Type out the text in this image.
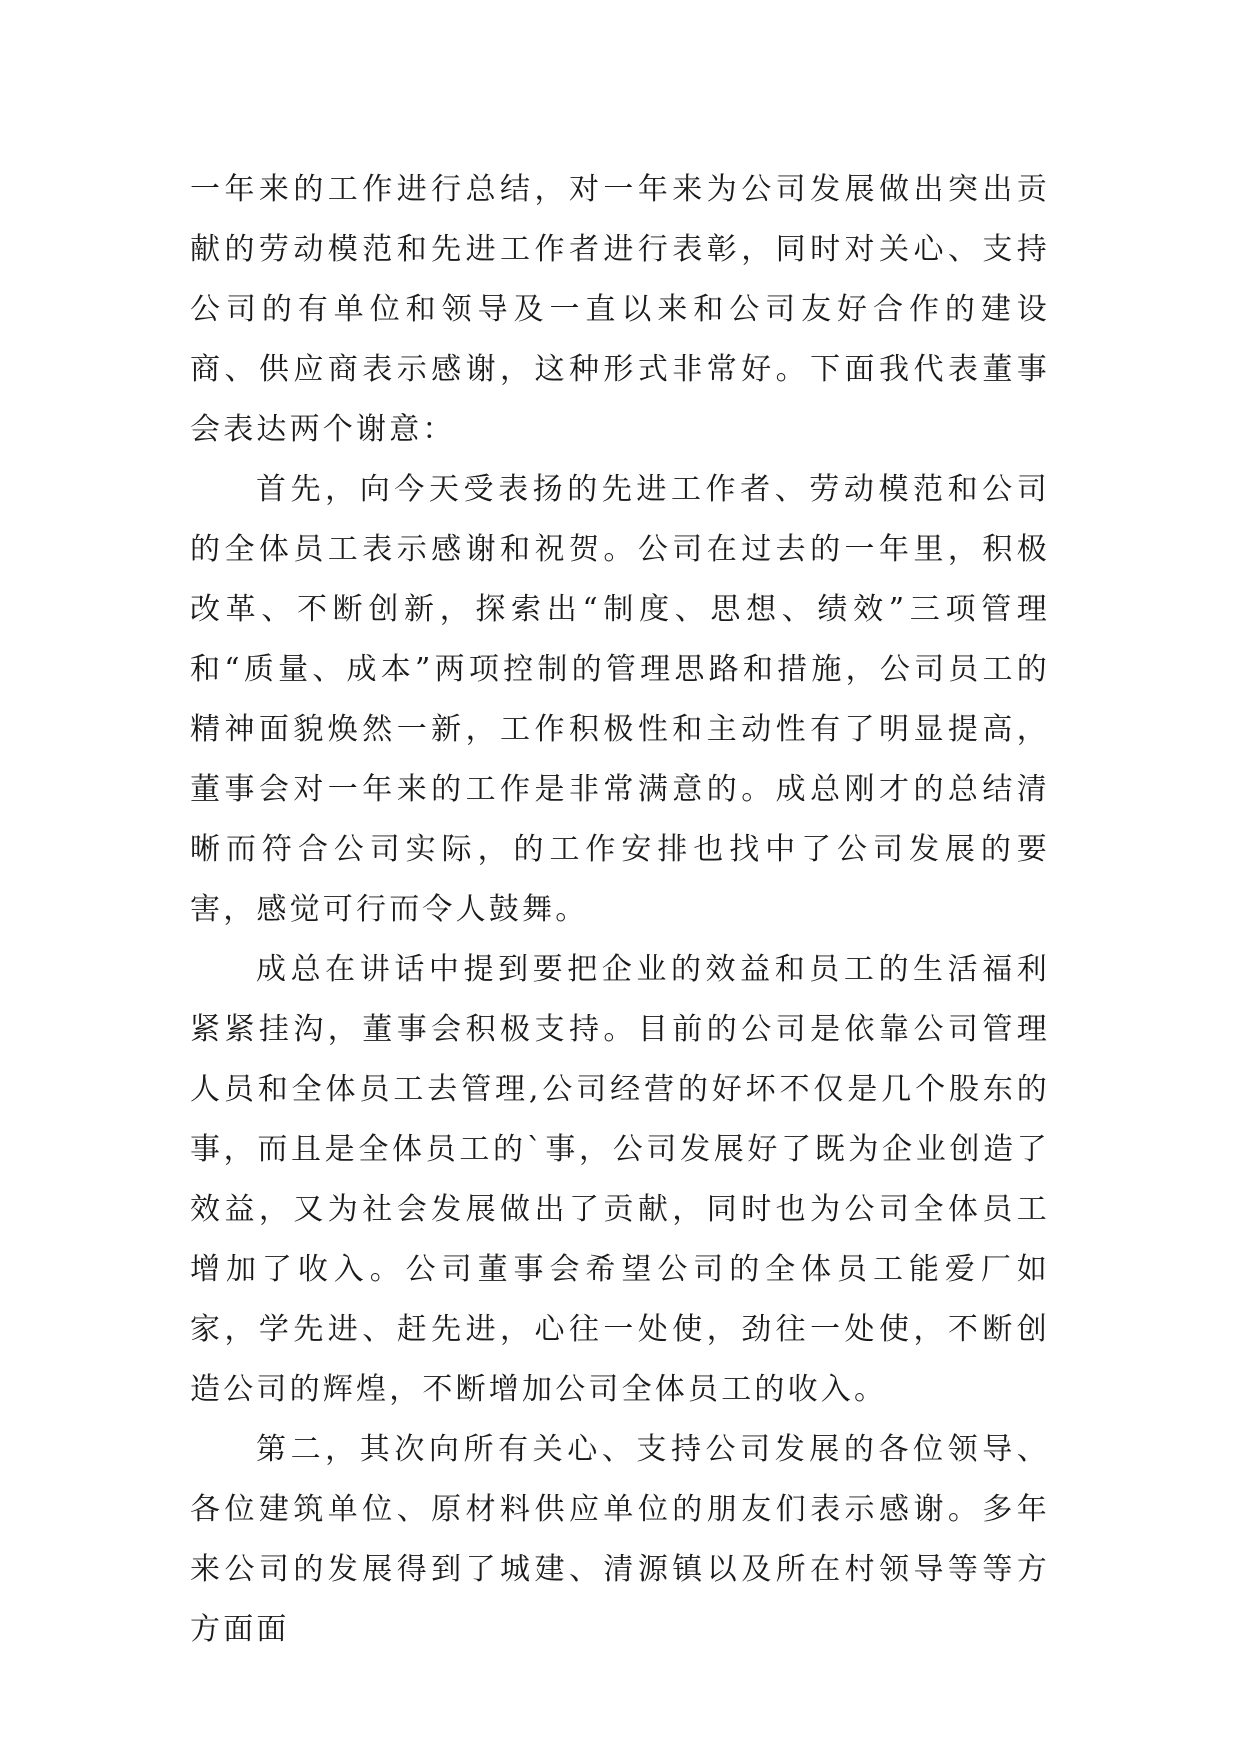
一年来的工作进行总结，对一年来为公司发展做出突出贡献的劳动模范和先进工作者进行表彰，同时对关心、支持公司的有单位和领导及一直以来和公司友好合作的建设商、供应商表示感谢，这种形式非常好。下面我代表董事会表达两个谢意：

首先，向今天受表扬的先进工作者、劳动模范和公司的全体员工表示感谢和祝贺。公司在过去的一年里，积极改革、不断创新，探索出“制度、思想、绩效”三项管理和“质量、成本”两项控制的管理思路和措施，公司员工的精神面貌焕然一新，工作积极性和主动性有了明显提高，董事会对一年来的工作是非常满意的。成总刚才的总结清晰而符合公司实际，的工作安排也找中了公司发展的要害，感觉可行而令人鼓舞。

成总在讲话中提到要把企业的效益和员工的生活福利紧紧挂沟，董事会积极支持。目前的公司是依靠公司管理人员和全体员工去管理,公司经营的好坏不仅是几个股东的事，而且是全体员工的`事，公司发展好了既为企业创造了效益，又为社会发展做出了贡献，同时也为公司全体员工增加了收入。公司董事会希望公司的全体员工能爱厂如家，学先进、赶先进，心往一处使，劲往一处使，不断创造公司的辉煌，不断增加公司全体员工的收入。

第二，其次向所有关心、支持公司发展的各位领导、各位建筑单位、原材料供应单位的朋友们表示感谢。多年来公司的发展得到了城建、清源镇以及所在村领导等等方方面面
